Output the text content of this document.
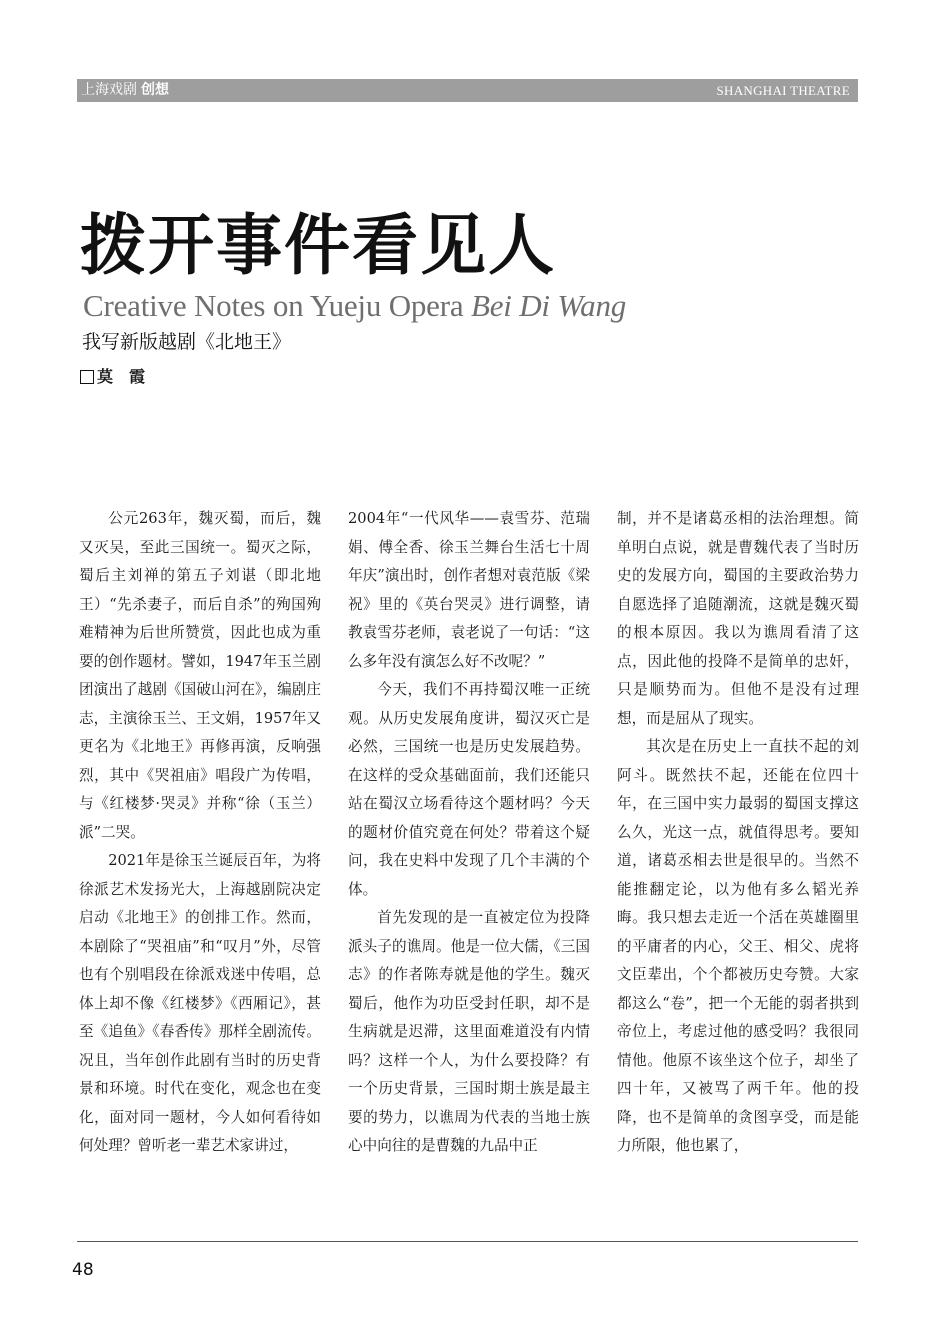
上海戏剧 创想	SHANGHAI THEATRE
拨开事件看见人
Creative Notes on Yueju Opera Bei Di Wang
我写新版越剧《北地王》
莫　霞

公元263年，魏灭蜀，而后，魏又灭吴，至此三国统一。蜀灭之际，蜀后主刘禅的第五子刘谌（即北地王）“先杀妻子，而后自杀”的殉国殉难精神为后世所赞赏，因此也成为重要的创作题材。譬如，1947年玉兰剧团演出了越剧《国破山河在》，编剧庄志，主演徐玉兰、王文娟，1957年又更名为《北地王》再修再演，反响强烈，其中《哭祖庙》唱段广为传唱，与《红楼梦·哭灵》并称“徐（玉兰）派”二哭。

2021年是徐玉兰诞辰百年，为将徐派艺术发扬光大，上海越剧院决定启动《北地王》的创排工作。然而，本剧除了“哭祖庙”和“叹月”外，尽管也有个别唱段在徐派戏迷中传唱，总体上却不像《红楼梦》《西厢记》，甚至《追鱼》《春香传》那样全剧流传。况且，当年创作此剧有当时的历史背景和环境。时代在变化，观念也在变化，面对同一题材，今人如何看待如何处理？曾听老一辈艺术家讲过，

2004年“一代风华——袁雪芬、范瑞娟、傅全香、徐玉兰舞台生活七十周年庆”演出时，创作者想对袁范版《梁祝》里的《英台哭灵》进行调整，请教袁雪芬老师，袁老说了一句话：“这么多年没有演怎么好不改呢？”

今天，我们不再持蜀汉唯一正统观。从历史发展角度讲，蜀汉灭亡是必然，三国统一也是历史发展趋势。在这样的受众基础面前，我们还能只站在蜀汉立场看待这个题材吗？今天的题材价值究竟在何处？带着这个疑问，我在史料中发现了几个丰满的个体。

首先发现的是一直被定位为投降派头子的谯周。他是一位大儒，《三国志》的作者陈寿就是他的学生。魏灭蜀后，他作为功臣受封任职，却不是生病就是迟滞，这里面难道没有内情吗？这样一个人，为什么要投降？有一个历史背景，三国时期士族是最主要的势力，以谯周为代表的当地士族心中向往的是曹魏的九品中正

制，并不是诸葛丞相的法治理想。简单明白点说，就是曹魏代表了当时历史的发展方向，蜀国的主要政治势力自愿选择了追随潮流，这就是魏灭蜀的根本原因。我以为谯周看清了这点，因此他的投降不是简单的忠奸，只是顺势而为。但他不是没有过理想，而是屈从了现实。

其次是在历史上一直扶不起的刘阿斗。既然扶不起，还能在位四十年，在三国中实力最弱的蜀国支撑这么久，光这一点，就值得思考。要知道，诸葛丞相去世是很早的。当然不能推翻定论，以为他有多么韬光养晦。我只想去走近一个活在英雄圈里的平庸者的内心，父王、相父、虎将文臣辈出，个个都被历史夸赞。大家都这么“卷”，把一个无能的弱者拱到帝位上，考虑过他的感受吗？我很同情他。他原不该坐这个位子，却坐了四十年，又被骂了两千年。他的投降，也不是简单的贪图享受，而是能力所限，他也累了，

48
